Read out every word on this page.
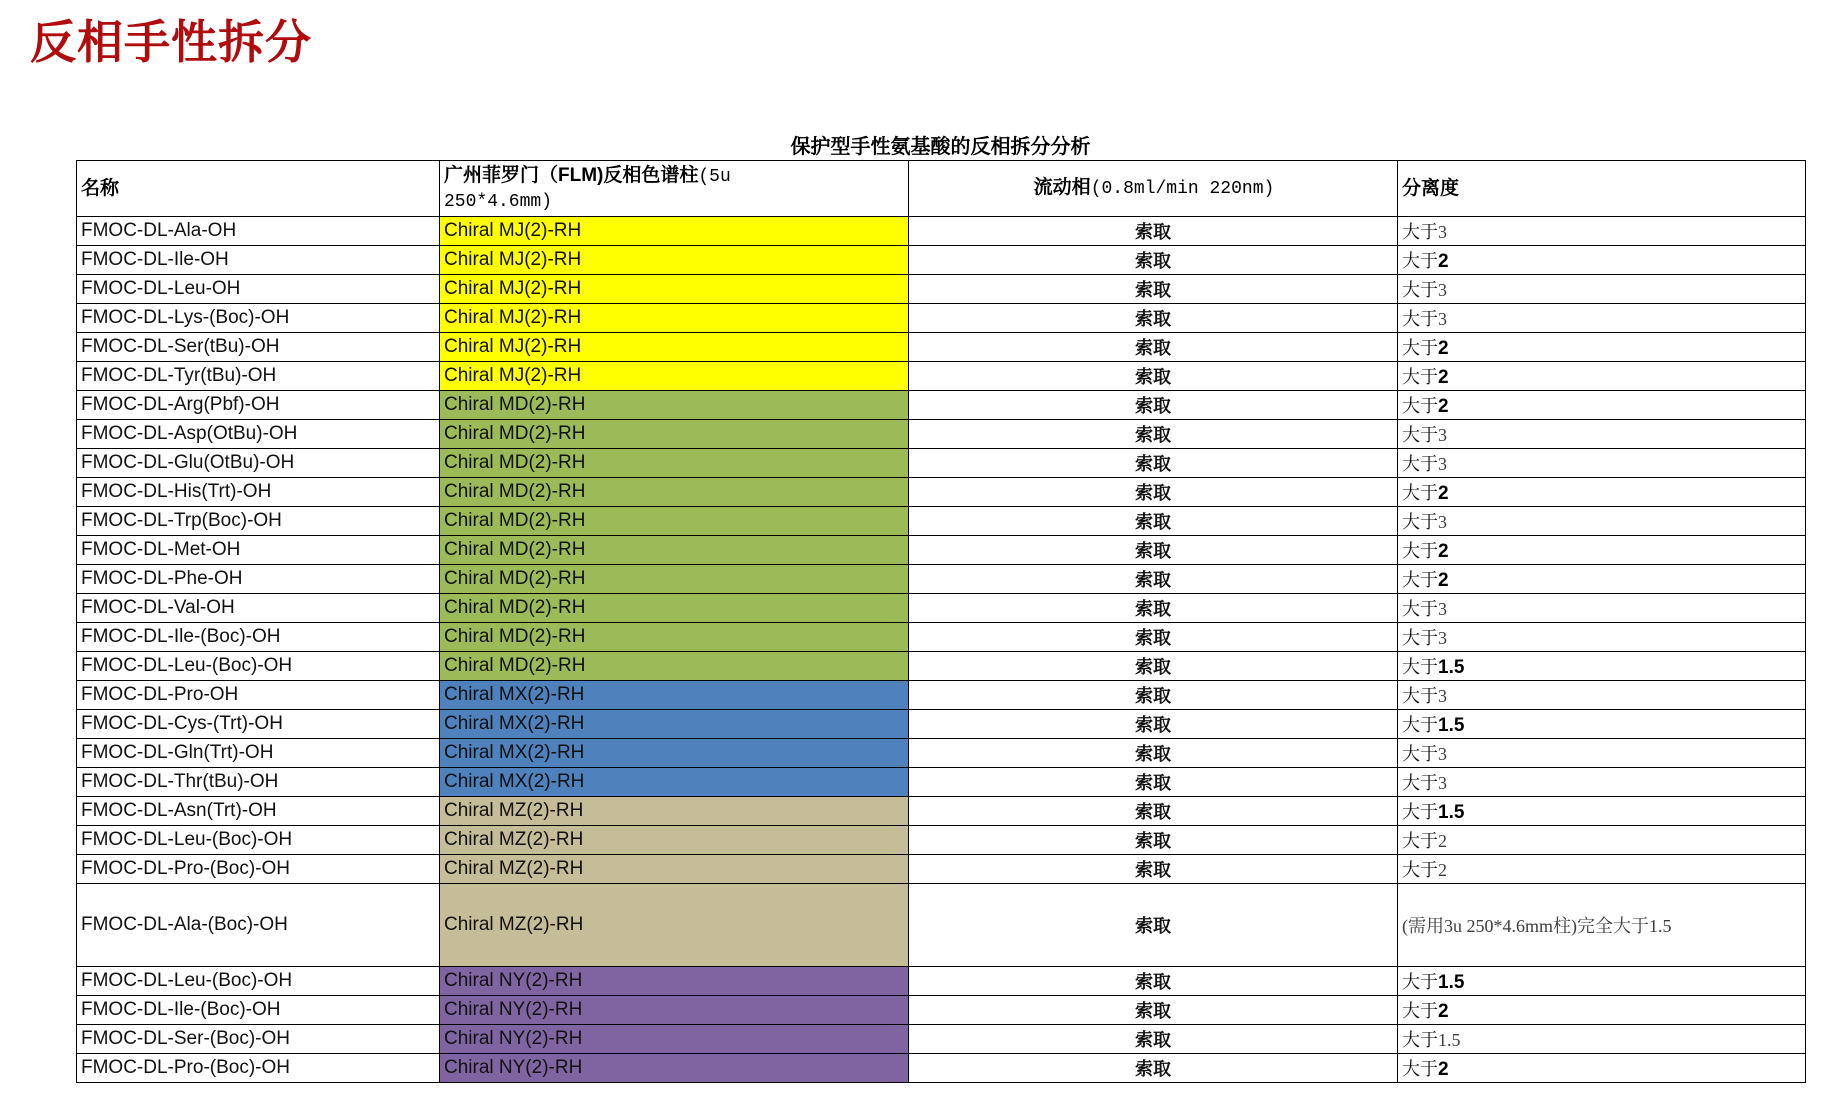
反相手性拆分
保护型手性氨基酸的反相拆分分析
名称	广州菲罗门（FLM)反相色谱柱(5u
250*4.6mm)	流动相(0.8ml/min 220nm)	分离度
FMOC-DL-Ala-OH	Chiral MJ(2)-RH	索取	大于3
FMOC-DL-Ile-OH	Chiral MJ(2)-RH	索取	大于2
FMOC-DL-Leu-OH	Chiral MJ(2)-RH	索取	大于3
FMOC-DL-Lys-(Boc)-OH	Chiral MJ(2)-RH	索取	大于3
FMOC-DL-Ser(tBu)-OH	Chiral MJ(2)-RH	索取	大于2
FMOC-DL-Tyr(tBu)-OH	Chiral MJ(2)-RH	索取	大于2
FMOC-DL-Arg(Pbf)-OH	Chiral MD(2)-RH	索取	大于2
FMOC-DL-Asp(OtBu)-OH	Chiral MD(2)-RH	索取	大于3
FMOC-DL-Glu(OtBu)-OH	Chiral MD(2)-RH	索取	大于3
FMOC-DL-His(Trt)-OH	Chiral MD(2)-RH	索取	大于2
FMOC-DL-Trp(Boc)-OH	Chiral MD(2)-RH	索取	大于3
FMOC-DL-Met-OH	Chiral MD(2)-RH	索取	大于2
FMOC-DL-Phe-OH	Chiral MD(2)-RH	索取	大于2
FMOC-DL-Val-OH	Chiral MD(2)-RH	索取	大于3
FMOC-DL-Ile-(Boc)-OH	Chiral MD(2)-RH	索取	大于3
FMOC-DL-Leu-(Boc)-OH	Chiral MD(2)-RH	索取	大于1.5
FMOC-DL-Pro-OH	Chiral MX(2)-RH	索取	大于3
FMOC-DL-Cys-(Trt)-OH	Chiral MX(2)-RH	索取	大于1.5
FMOC-DL-Gln(Trt)-OH	Chiral MX(2)-RH	索取	大于3
FMOC-DL-Thr(tBu)-OH	Chiral MX(2)-RH	索取	大于3
FMOC-DL-Asn(Trt)-OH	Chiral MZ(2)-RH	索取	大于1.5
FMOC-DL-Leu-(Boc)-OH	Chiral MZ(2)-RH	索取	大于2
FMOC-DL-Pro-(Boc)-OH	Chiral MZ(2)-RH	索取	大于2
FMOC-DL-Ala-(Boc)-OH	Chiral MZ(2)-RH	索取	(需用3u 250*4.6mm柱)完全大于1.5
FMOC-DL-Leu-(Boc)-OH	Chiral NY(2)-RH	索取	大于1.5
FMOC-DL-Ile-(Boc)-OH	Chiral NY(2)-RH	索取	大于2
FMOC-DL-Ser-(Boc)-OH	Chiral NY(2)-RH	索取	大于1.5
FMOC-DL-Pro-(Boc)-OH	Chiral NY(2)-RH	索取	大于2
